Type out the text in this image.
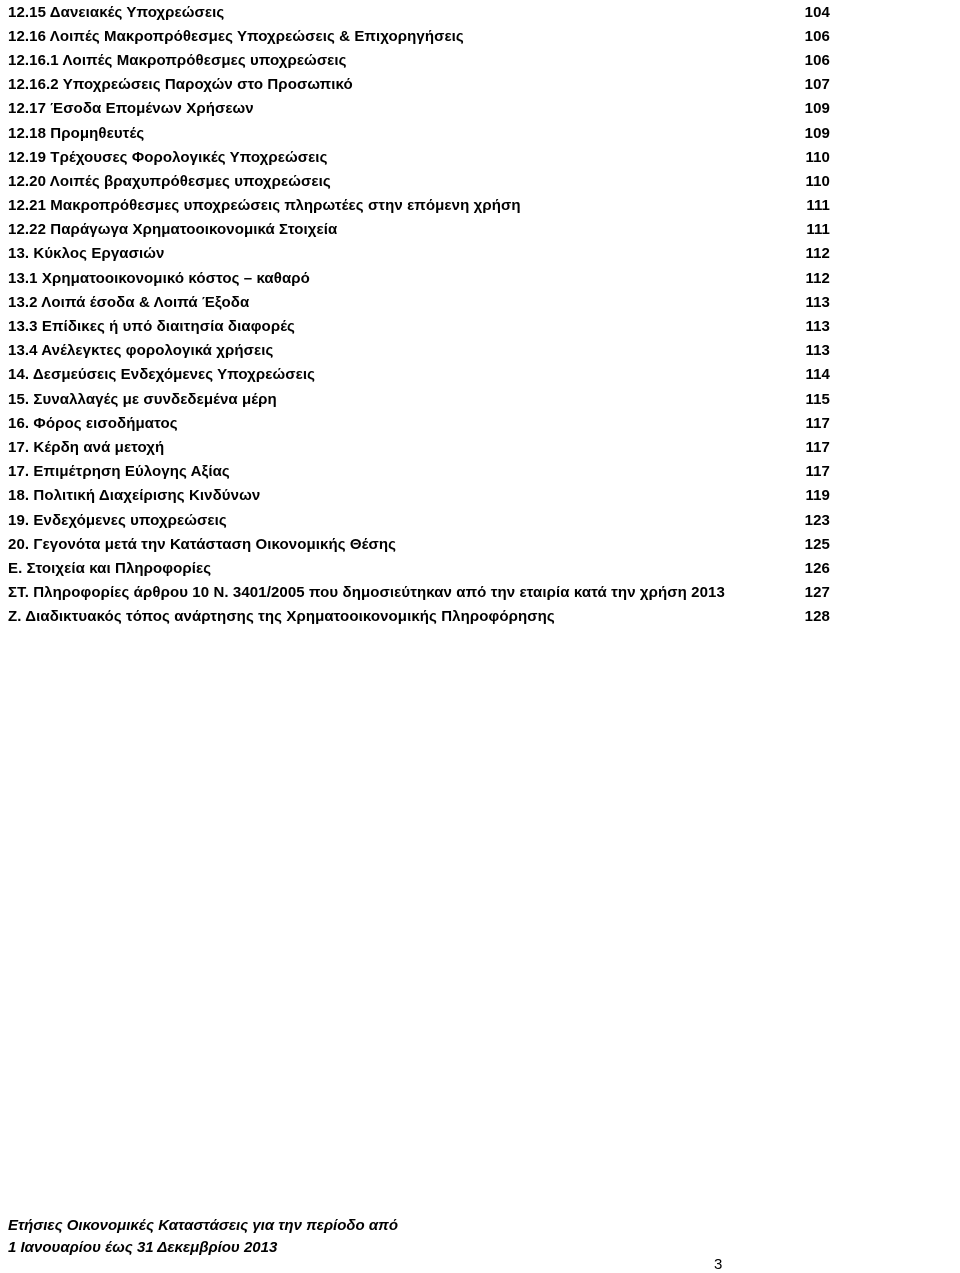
12.15 Δανειακές Υποχρεώσεις	104
12.16 Λοιπές Μακροπρόθεσμες Υποχρεώσεις & Επιχορηγήσεις	106
12.16.1 Λοιπές Μακροπρόθεσμες υποχρεώσεις	106
12.16.2 Υποχρεώσεις Παροχών στο Προσωπικό	107
12.17 Έσοδα Επομένων Χρήσεων	109
12.18 Προμηθευτές	109
12.19 Τρέχουσες Φορολογικές Υποχρεώσεις	110
12.20 Λοιπές βραχυπρόθεσμες υποχρεώσεις	110
12.21 Μακροπρόθεσμες υποχρεώσεις πληρωτέες στην επόμενη χρήση	111
12.22 Παράγωγα Χρηματοοικονομικά Στοιχεία	111
13. Κύκλος Εργασιών	112
13.1 Χρηματοοικονομικό κόστος – καθαρό	112
13.2 Λοιπά έσοδα & Λοιπά Έξοδα	113
13.3 Επίδικες ή υπό διαιτησία διαφορές	113
13.4 Ανέλεγκτες φορολογικά χρήσεις	113
14. Δεσμεύσεις Ενδεχόμενες Υποχρεώσεις	114
15. Συναλλαγές με συνδεδεμένα μέρη	115
16. Φόρος εισοδήματος	117
17. Κέρδη ανά μετοχή	117
17. Επιμέτρηση Εύλογης Αξίας	117
18. Πολιτική Διαχείρισης Κινδύνων	119
19. Ενδεχόμενες υποχρεώσεις	123
20. Γεγονότα μετά την Κατάσταση Οικονομικής Θέσης	125
Ε. Στοιχεία και Πληροφορίες	126
ΣΤ. Πληροφορίες άρθρου 10 Ν. 3401/2005 που δημοσιεύτηκαν από την εταιρία κατά την χρήση 2013	127
Ζ. Διαδικτυακός τόπος ανάρτησης της Χρηματοοικονομικής Πληροφόρησης	128
Ετήσιες Οικονομικές Καταστάσεις για την περίοδο από
1 Ιανουαρίου έως 31 Δεκεμβρίου 2013
3
